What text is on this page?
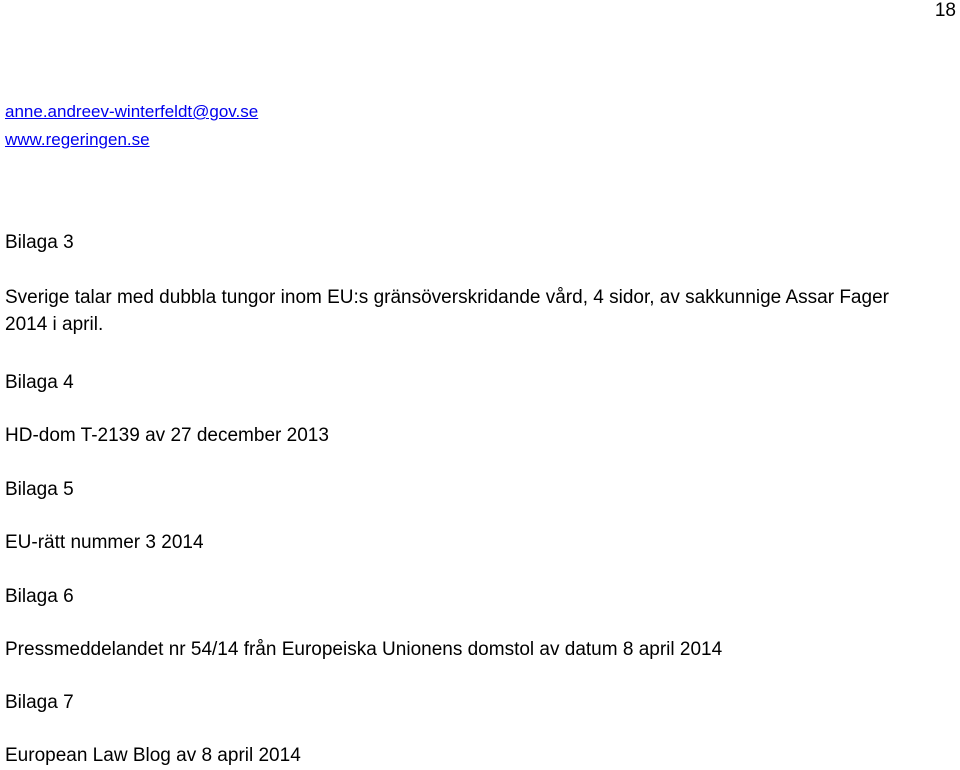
18
anne.andreev-winterfeldt@gov.se
www.regeringen.se
Bilaga 3
Sverige talar med dubbla tungor inom EU:s gränsöverskridande vård, 4 sidor, av sakkunnige Assar Fager 2014 i april.
Bilaga 4
HD-dom T-2139 av 27 december 2013
Bilaga 5
EU-rätt nummer 3 2014
Bilaga 6
Pressmeddelandet nr 54/14 från Europeiska Unionens domstol av datum 8 april 2014
Bilaga 7
European Law Blog av 8 april 2014
